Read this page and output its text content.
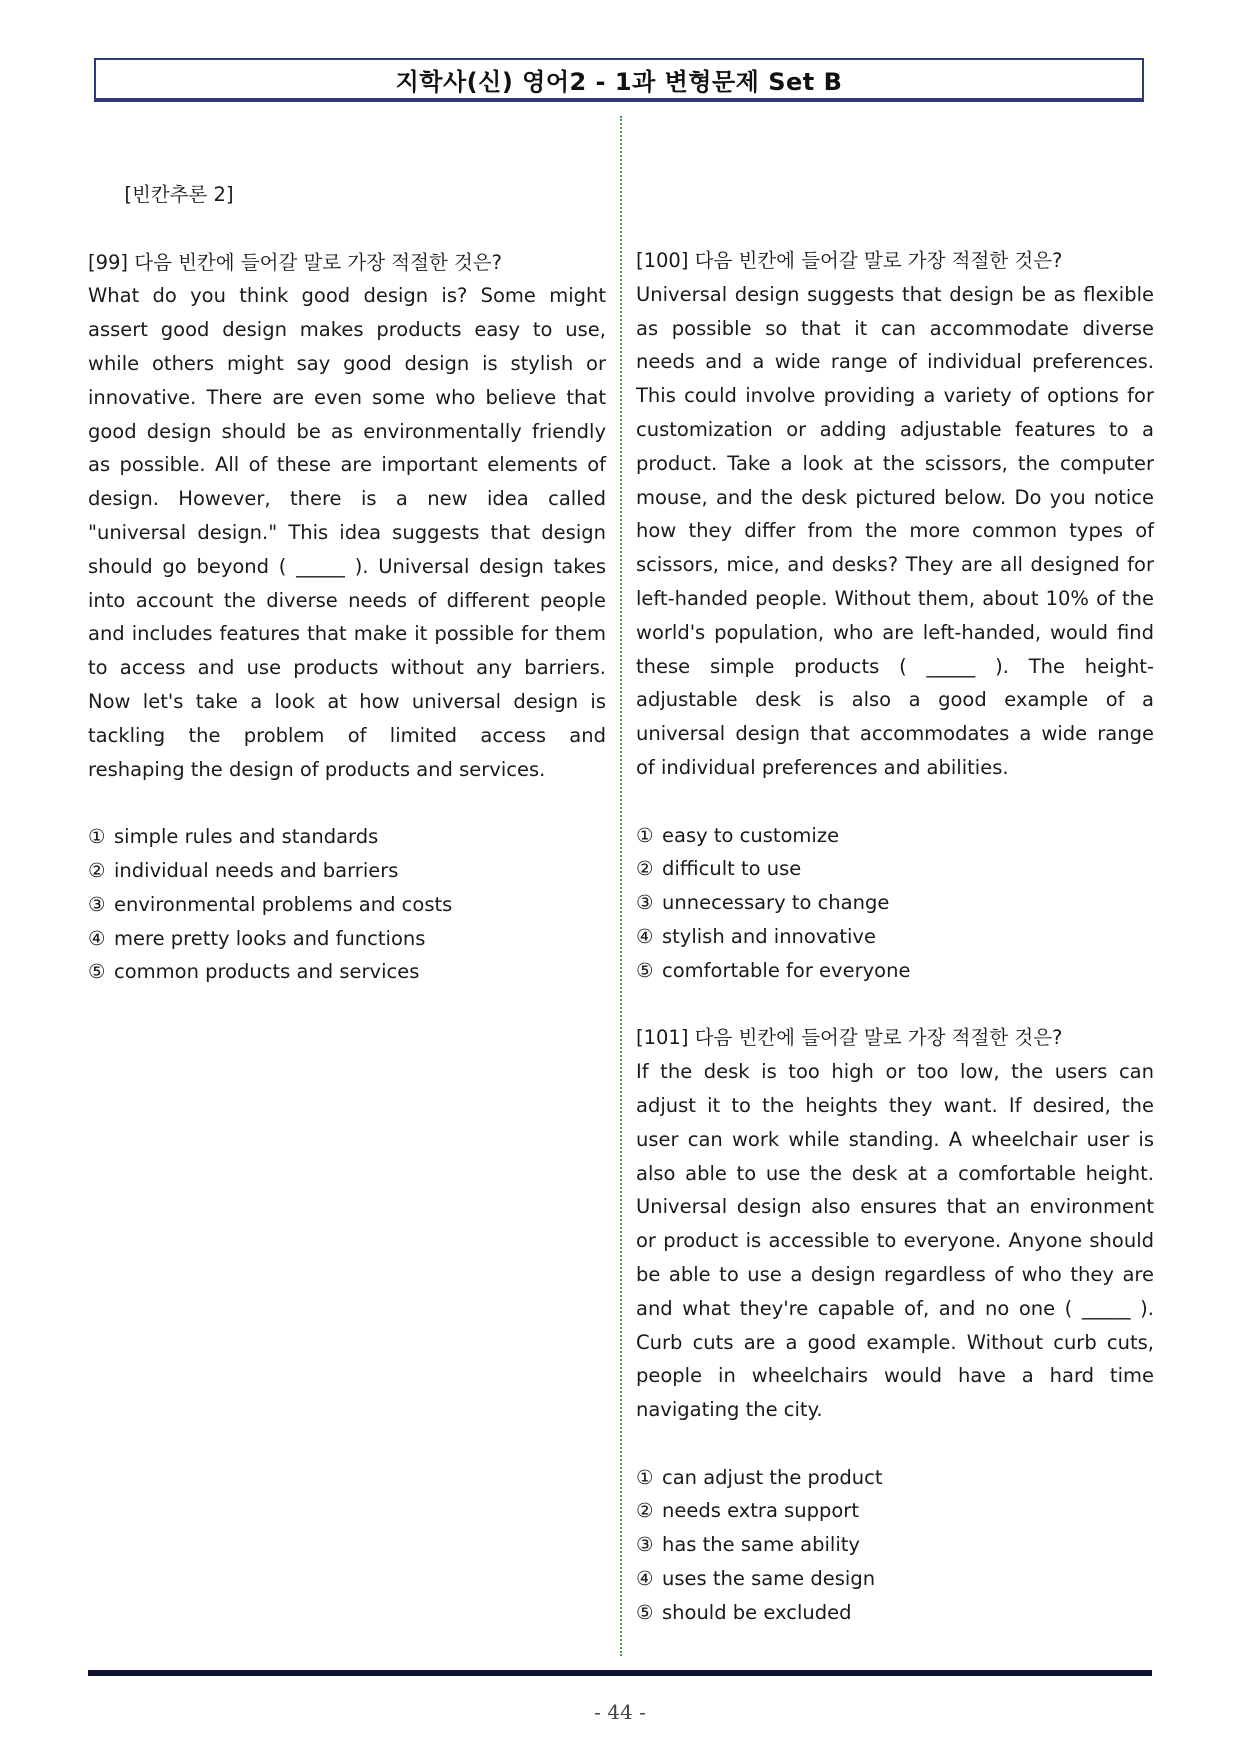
지학사(신) 영어2 - 1과 변형문제 Set B
[빈칸추론 2]
[99] 다음 빈칸에 들어갈 말로 가장 적절한 것은?

What do you think good design is? Some might assert good design makes products easy to use, while others might say good design is stylish or innovative. There are even some who believe that good design should be as environmentally friendly as possible. All of these are important elements of design. However, there is a new idea called "universal design." This idea suggests that design should go beyond ( _____ ). Universal design takes into account the diverse needs of different people and includes features that make it possible for them to access and use products without any barriers. Now let's take a look at how universal design is tackling the problem of limited access and reshaping the design of products and services.

① simple rules and standards
② individual needs and barriers
③ environmental problems and costs
④ mere pretty looks and functions
⑤ common products and services
[100] 다음 빈칸에 들어갈 말로 가장 적절한 것은?

Universal design suggests that design be as flexible as possible so that it can accommodate diverse needs and a wide range of individual preferences. This could involve providing a variety of options for customization or adding adjustable features to a product. Take a look at the scissors, the computer mouse, and the desk pictured below. Do you notice how they differ from the more common types of scissors, mice, and desks? They are all designed for left-handed people. Without them, about 10% of the world's population, who are left-handed, would find these simple products ( _____ ). The height-adjustable desk is also a good example of a universal design that accommodates a wide range of individual preferences and abilities.

① easy to customize
② difficult to use
③ unnecessary to change
④ stylish and innovative
⑤ comfortable for everyone
[101] 다음 빈칸에 들어갈 말로 가장 적절한 것은?

If the desk is too high or too low, the users can adjust it to the heights they want. If desired, the user can work while standing. A wheelchair user is also able to use the desk at a comfortable height. Universal design also ensures that an environment or product is accessible to everyone. Anyone should be able to use a design regardless of who they are and what they're capable of, and no one ( _____ ). Curb cuts are a good example. Without curb cuts, people in wheelchairs would have a hard time navigating the city.

① can adjust the product
② needs extra support
③ has the same ability
④ uses the same design
⑤ should be excluded
- 44 -
